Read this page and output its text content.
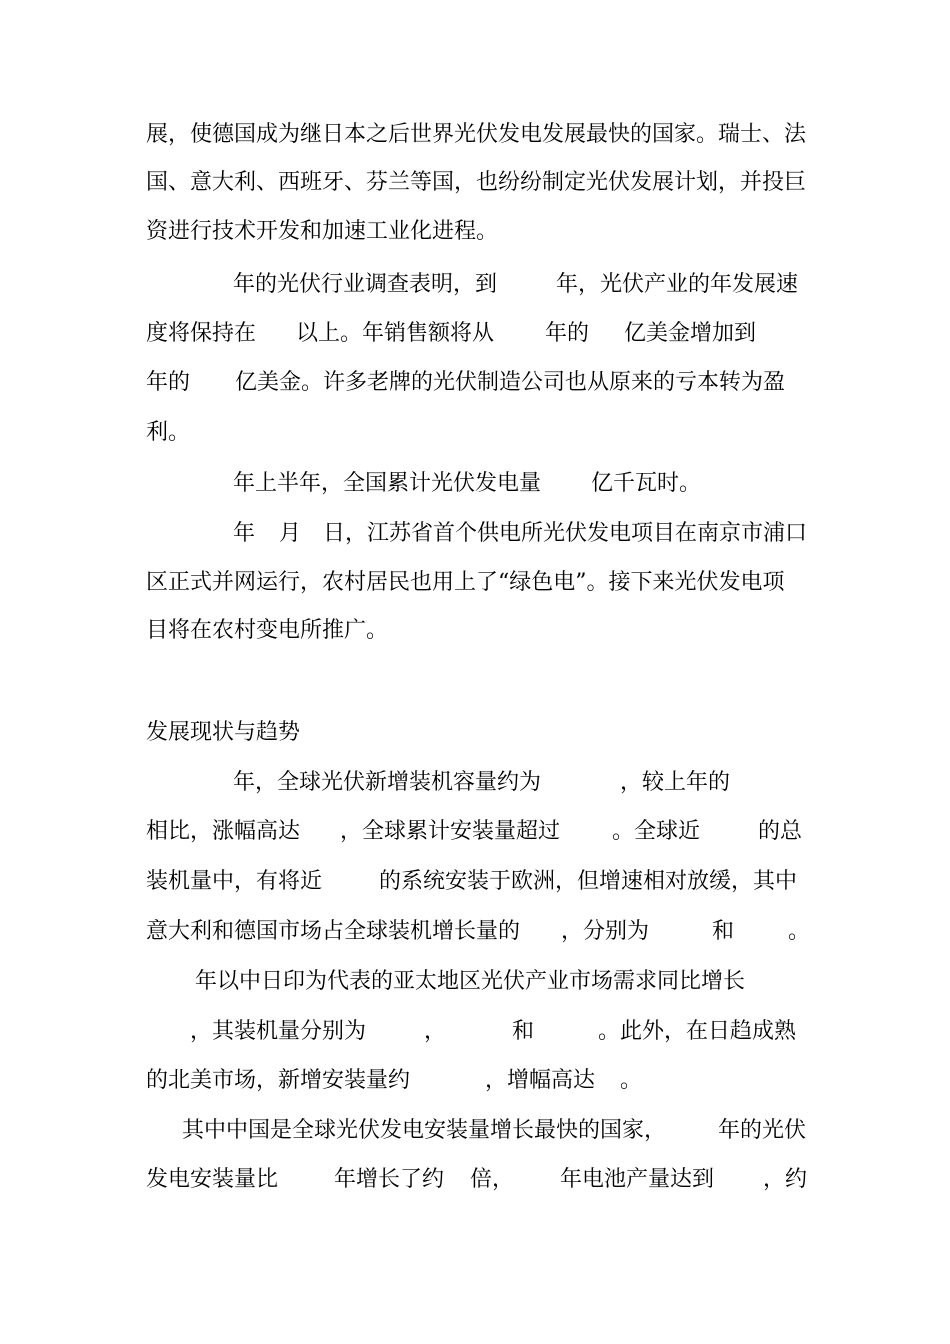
展，使德国成为继日本之后世界光伏发电发展最快的国家。瑞士、法
国、意大利、西班牙、芬兰等国，也纷纷制定光伏发展计划，并投巨
资进行技术开发和加速工业化进程。
年的光伏行业调查表明，到	年，光伏产业的年发展速
度将保持在 以上。年销售额将从 年的 亿美金增加到
年的 亿美金。许多老牌的光伏制造公司也从原来的亏本转为盈
利。
年上半年，全国累计光伏发电量 亿千瓦时。
年 月 日，江苏省首个供电所光伏发电项目在南京市浦口
区正式并网运行，农村居民也用上了“绿色电”。接下来光伏发电项
目将在农村变电所推广。
发展现状与趋势
年，全球光伏新增装机容量约为	，较上年的
相比，涨幅高达 ，全球累计安装量超过 。全球近	的总
装机量中，有将近	的系统安装于欧洲，但增速相对放缓，其中
意大利和德国市场占全球装机增长量的 ，分别为	和 。
年以中日印为代表的亚太地区光伏产业市场需求同比增长
，其装机量分别为	，	和	。此外，在日趋成熟
的北美市场，新增安装量约	，增幅高达 。
其中中国是全球光伏发电安装量增长最快的国家， 年的光伏
发电安装量比	年增长了约 倍， 年电池产量达到 ，约
